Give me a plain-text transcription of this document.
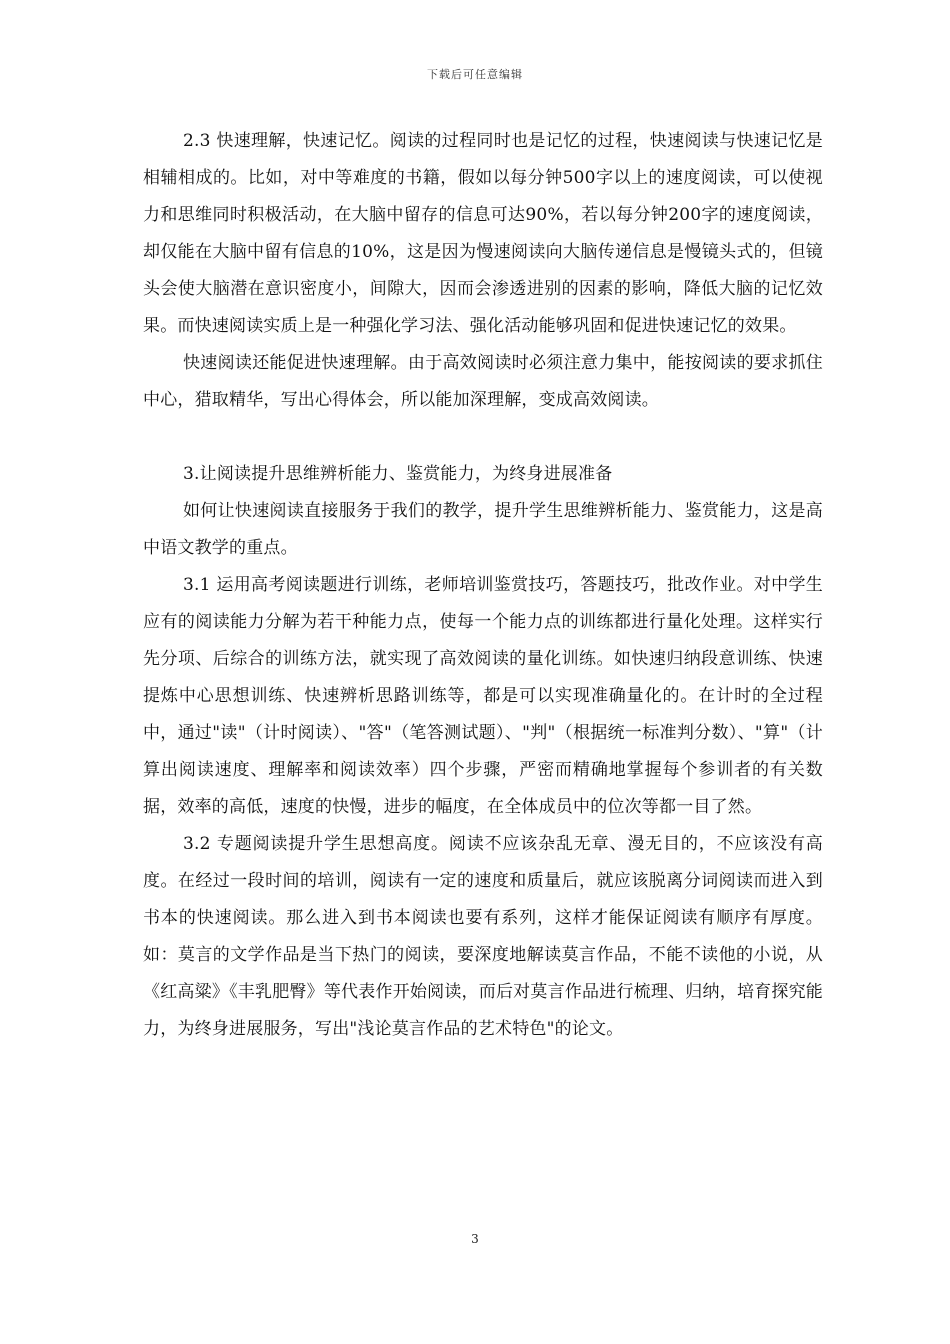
下载后可任意编辑

2.3 快速理解，快速记忆。阅读的过程同时也是记忆的过程，快速阅读与快速记忆是相辅相成的。比如，对中等难度的书籍，假如以每分钟500字以上的速度阅读，可以使视力和思维同时积极活动，在大脑中留存的信息可达90%，若以每分钟200字的速度阅读，却仅能在大脑中留有信息的10%，这是因为慢速阅读向大脑传递信息是慢镜头式的，但镜头会使大脑潜在意识密度小，间隙大，因而会渗透进别的因素的影响，降低大脑的记忆效果。而快速阅读实质上是一种强化学习法、强化活动能够巩固和促进快速记忆的效果。

快速阅读还能促进快速理解。由于高效阅读时必须注意力集中，能按阅读的要求抓住中心，猎取精华，写出心得体会，所以能加深理解，变成高效阅读。

3.让阅读提升思维辨析能力、鉴赏能力，为终身进展准备

如何让快速阅读直接服务于我们的教学，提升学生思维辨析能力、鉴赏能力，这是高中语文教学的重点。

3.1 运用高考阅读题进行训练，老师培训鉴赏技巧，答题技巧，批改作业。对中学生应有的阅读能力分解为若干种能力点，使每一个能力点的训练都进行量化处理。这样实行先分项、后综合的训练方法，就实现了高效阅读的量化训练。如快速归纳段意训练、快速提炼中心思想训练、快速辨析思路训练等，都是可以实现准确量化的。在计时的全过程中，通过"读"（计时阅读）、"答"（笔答测试题）、"判"（根据统一标准判分数）、"算"（计算出阅读速度、理解率和阅读效率）四个步骤，严密而精确地掌握每个参训者的有关数据，效率的高低，速度的快慢，进步的幅度，在全体成员中的位次等都一目了然。

3.2 专题阅读提升学生思想高度。阅读不应该杂乱无章、漫无目的，不应该没有高度。在经过一段时间的培训，阅读有一定的速度和质量后，就应该脱离分词阅读而进入到书本的快速阅读。那么进入到书本阅读也要有系列，这样才能保证阅读有顺序有厚度。如：莫言的文学作品是当下热门的阅读，要深度地解读莫言作品，不能不读他的小说，从《红高粱》《丰乳肥臀》等代表作开始阅读，而后对莫言作品进行梳理、归纳，培育探究能力，为终身进展服务，写出"浅论莫言作品的艺术特色"的论文。

3
